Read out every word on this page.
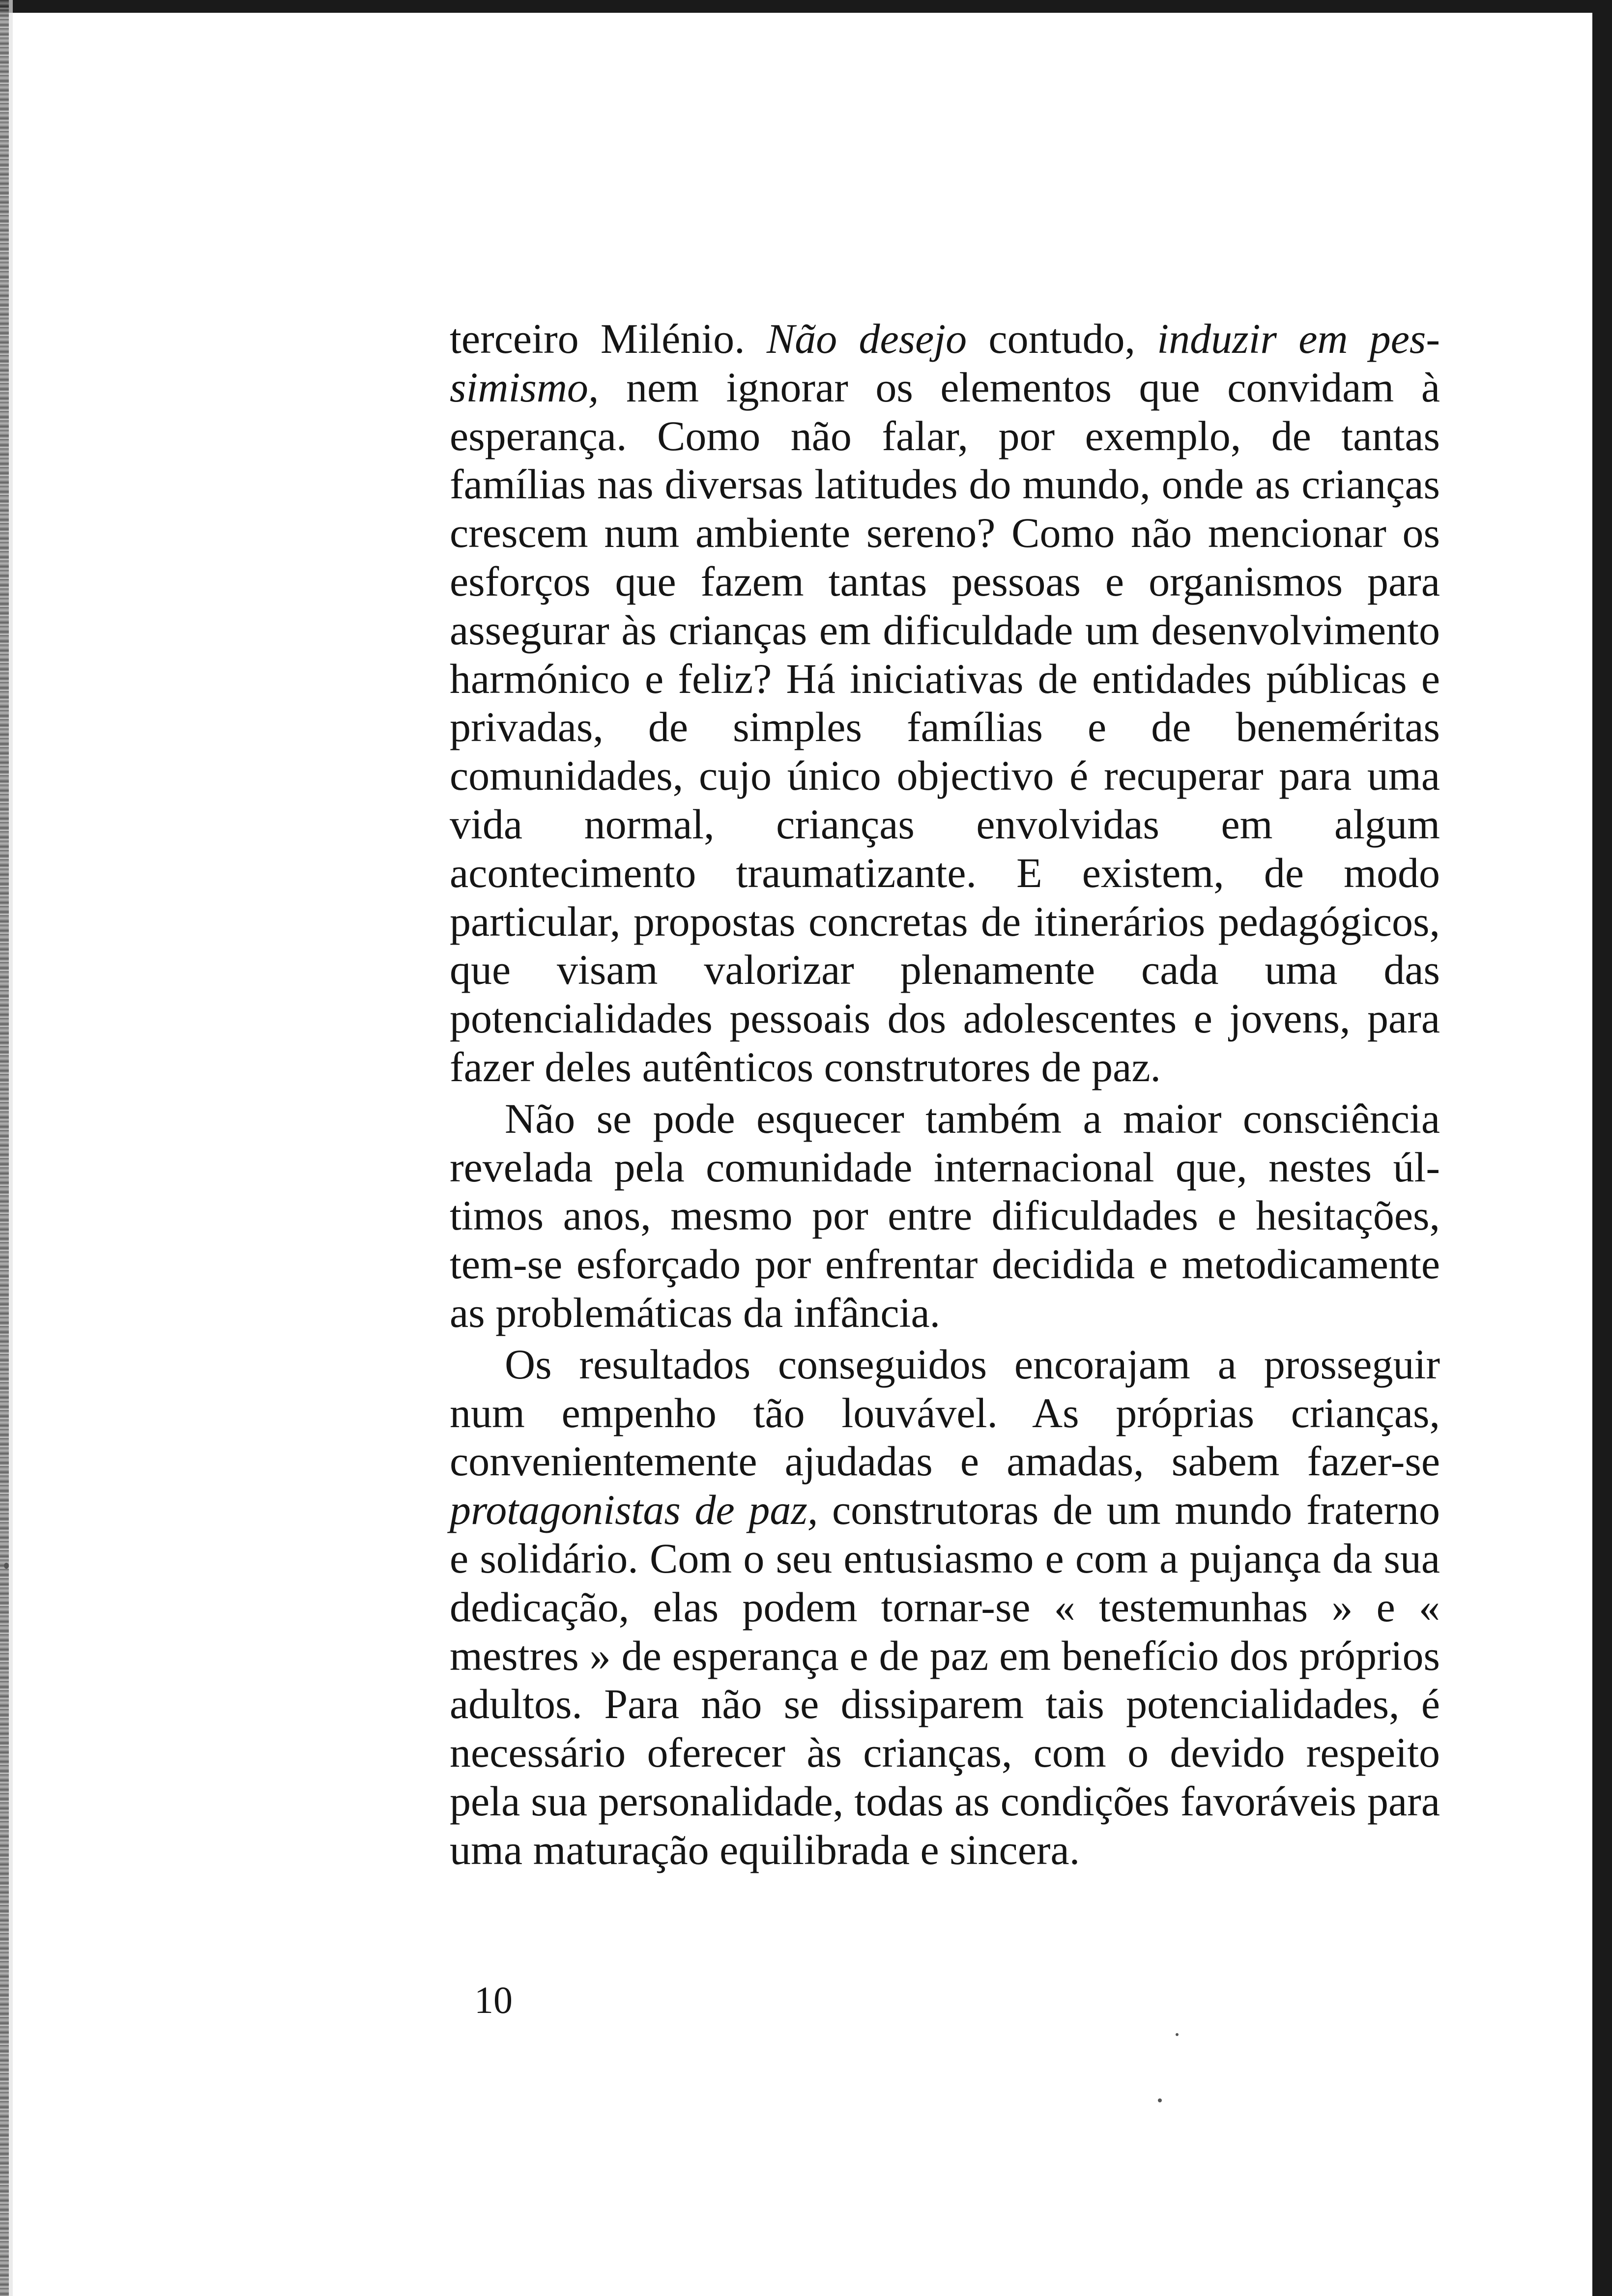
terceiro Milénio. Não desejo contudo, induzir em pessimismo, nem ignorar os elementos que convidam à esperança. Como não falar, por exemplo, de tantas famílias nas diversas latitudes do mundo, onde as crianças crescem num ambiente sereno? Como não mencionar os esforços que fazem tantas pessoas e organismos para assegurar às crianças em dificuldade um desenvolvimento harmónico e feliz? Há iniciativas de entidades públicas e privadas, de simples famílias e de beneméritas comunidades, cujo único objectivo é recuperar para uma vida normal, crianças envolvidas em algum acontecimento traumatizante. E existem, de modo particular, propostas concretas de itinerários pedagógicos, que visam valorizar plenamente cada uma das potencialidades pessoais dos adolescentes e jovens, para fazer deles autênticos construtores de paz.

Não se pode esquecer também a maior consciência revelada pela comunidade internacional que, nestes últimos anos, mesmo por entre dificuldades e hesitações, tem-se esforçado por enfrentar decidida e metodicamente as problemáticas da infância.

Os resultados conseguidos encorajam a prosseguir num empenho tão louvável. As próprias crianças, convenientemente ajudadas e amadas, sabem fazer-se protagonistas de paz, construtoras de um mundo fraterno e solidário. Com o seu entusiasmo e com a pujança da sua dedicação, elas podem tornar-se « testemunhas » e « mestres » de esperança e de paz em benefício dos próprios adultos. Para não se dissiparem tais potencialidades, é necessário oferecer às crianças, com o devido respeito pela sua personalidade, todas as condições favoráveis para uma maturação equilibrada e sincera.

10
